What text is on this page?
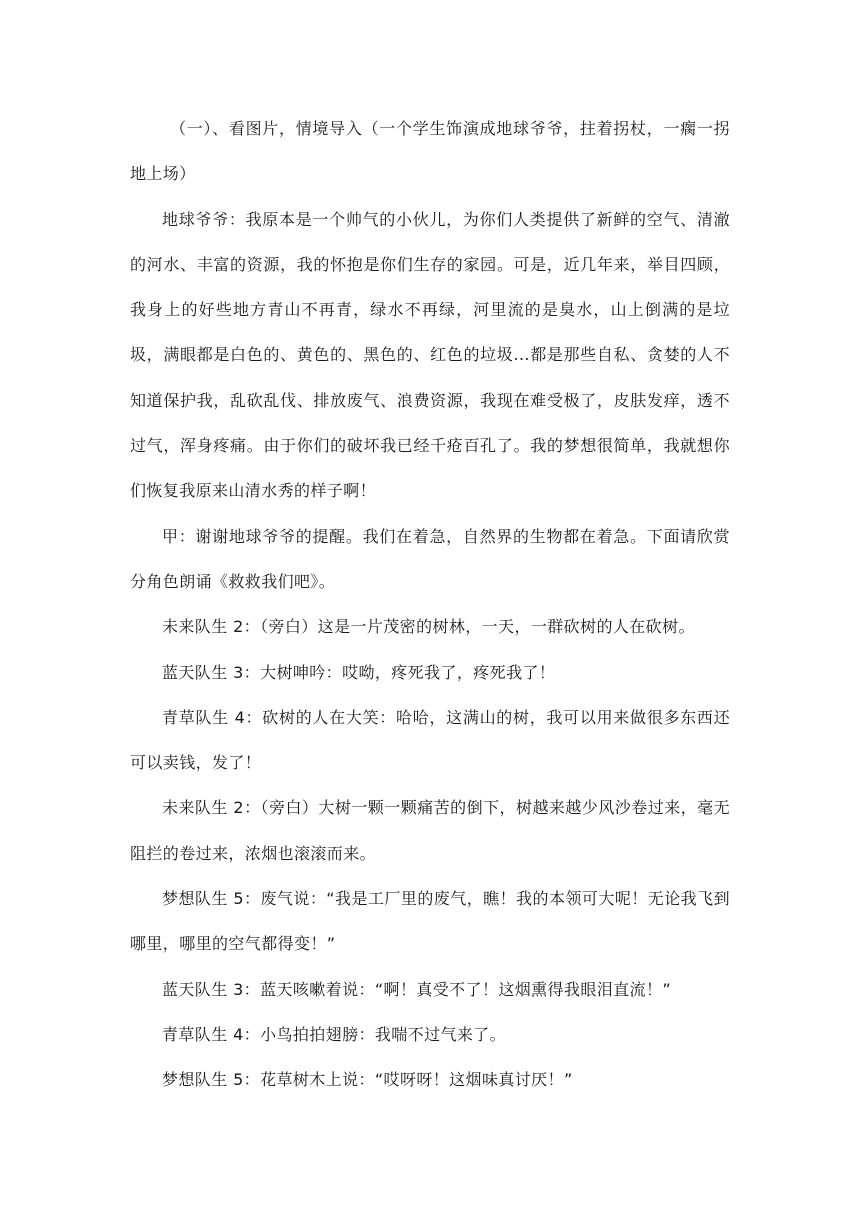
（一）、看图片，情境导入（一个学生饰演成地球爷爷，拄着拐杖，一瘸一拐地上场）

地球爷爷：我原本是一个帅气的小伙儿，为你们人类提供了新鲜的空气、清澈的河水、丰富的资源，我的怀抱是你们生存的家园。可是，近几年来，举目四顾，我身上的好些地方青山不再青，绿水不再绿，河里流的是臭水，山上倒满的是垃圾，满眼都是白色的、黄色的、黑色的、红色的垃圾...都是那些自私、贪婪的人不知道保护我，乱砍乱伐、排放废气、浪费资源，我现在难受极了，皮肤发痒，透不过气，浑身疼痛。由于你们的破坏我已经千疮百孔了。我的梦想很简单，我就想你们恢复我原来山清水秀的样子啊！

甲：谢谢地球爷爷的提醒。我们在着急，自然界的生物都在着急。下面请欣赏分角色朗诵《救救我们吧》。

未来队生 2：（旁白）这是一片茂密的树林，一天，一群砍树的人在砍树。

蓝天队生 3：大树呻吟：哎呦，疼死我了，疼死我了！

青草队生 4：砍树的人在大笑：哈哈，这满山的树，我可以用来做很多东西还可以卖钱，发了！

未来队生 2：（旁白）大树一颗一颗痛苦的倒下，树越来越少风沙卷过来，毫无阻拦的卷过来，浓烟也滚滚而来。

梦想队生 5：废气说：“我是工厂里的废气，瞧！我的本领可大呢！无论我飞到哪里，哪里的空气都得变！”

蓝天队生 3：蓝天咳嗽着说：“啊！真受不了！这烟熏得我眼泪直流！”

青草队生 4：小鸟拍拍翅膀：我喘不过气来了。

梦想队生 5：花草树木上说：“哎呀呀！这烟味真讨厌！”
